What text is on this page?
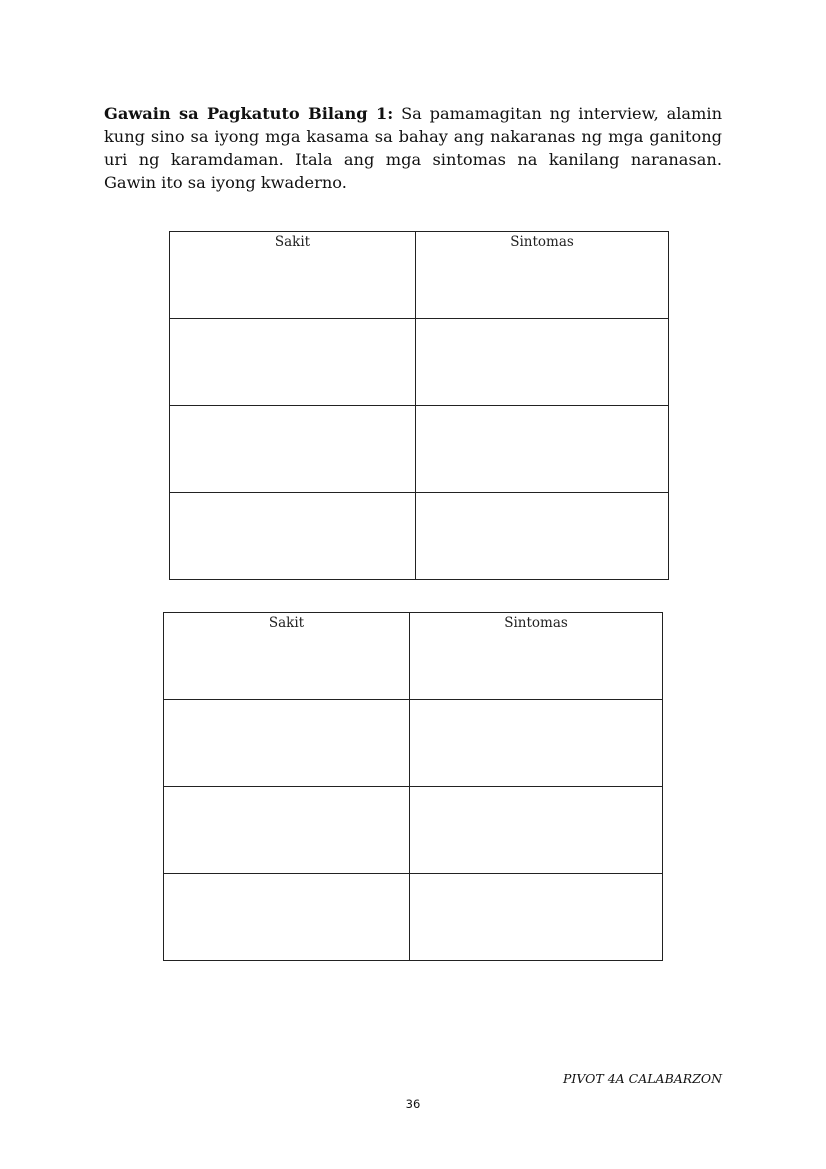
Gawain sa Pagkatuto Bilang 1: Sa pamamagitan ng interview, alamin kung sino sa iyong mga kasama sa bahay ang nakaranas ng mga ganitong uri ng karamdaman. Itala ang mga sintomas na kanilang naranasan. Gawin ito sa iyong kwaderno.

Sakit	Sintomas

Sakit	Sintomas

PIVOT 4A CALABARZON

36
